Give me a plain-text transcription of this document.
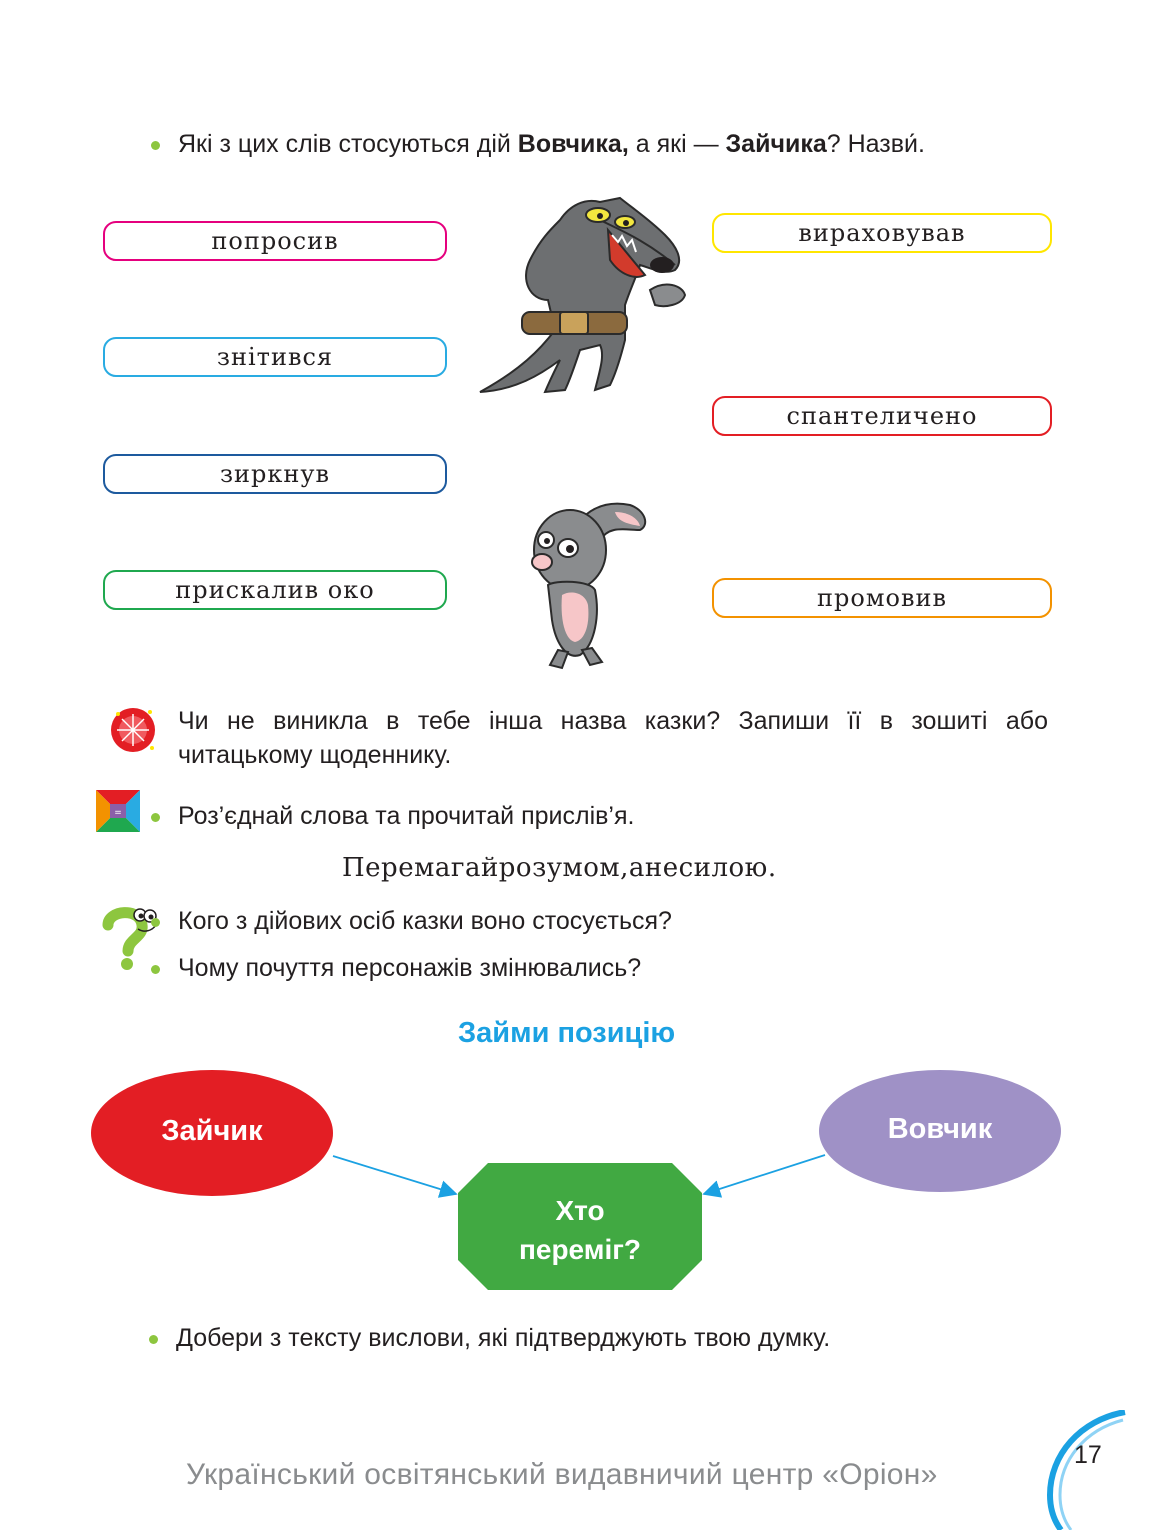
Які з цих слів стосуються дій Вовчика, а які — Зайчика? Назви́.
попросив
знітився
зиркнув
прискалив око
вираховував
спантеличено
промовив
Чи не виникла в тебе інша назва казки? Запиши її в зошиті або читацькому щоденнику.
= Роз’єднай слова та прочитай прислів’я.
Перемагайрозумом,анесилою.
Кого з дійових осіб казки воно стосується?
Чому почуття персонажів змінювались?
Займи позицію
Зайчик	Вовчик
Хто
переміг?
Добери з тексту вислови, які підтверджують твою думку.
Український освітянський видавничий центр «Оріон»
17
